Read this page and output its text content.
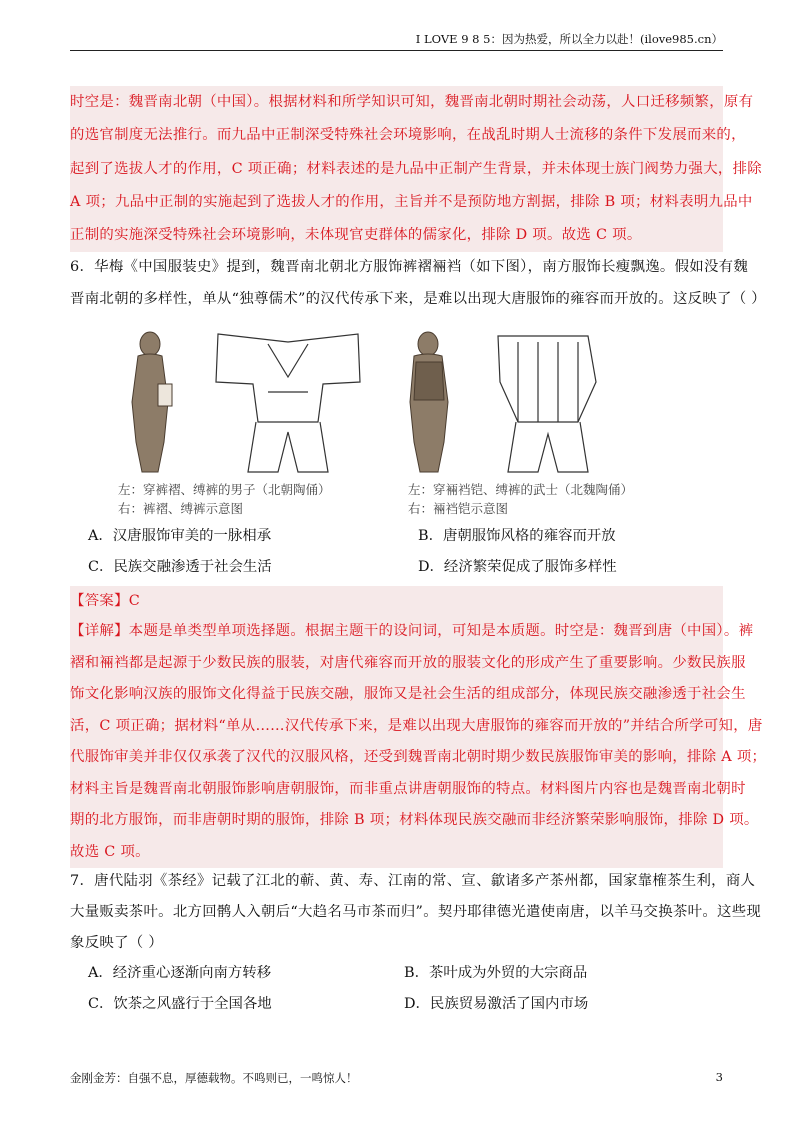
I LOVE 9 8 5：因为热爱，所以全力以赴！(ilove985.cn）

时空是：魏晋南北朝（中国）。根据材料和所学知识可知，魏晋南北朝时期社会动荡，人口迁移频繁，原有

的选官制度无法推行。而九品中正制深受特殊社会环境影响，在战乱时期人士流移的条件下发展而来的，

起到了选拔人才的作用，C 项正确；材料表述的是九品中正制产生背景，并未体现士族门阀势力强大，排除

A 项；九品中正制的实施起到了选拔人才的作用，主旨并不是预防地方割据，排除 B 项；材料表明九品中

正制的实施深受特殊社会环境影响，未体现官吏群体的儒家化，排除 D 项。故选 C 项。

6．华梅《中国服装史》提到，魏晋南北朝北方服饰裤褶裲裆（如下图），南方服饰长瘦飘逸。假如没有魏

晋南北朝的多样性，单从“独尊儒术”的汉代传承下来，是难以出现大唐服饰的雍容而开放的。这反映了（ ）

左：穿裤褶、缚裤的男子（北朝陶俑）
右：裤褶、缚裤示意图
左：穿裲裆铠、缚裤的武士（北魏陶俑）
右：裲裆铠示意图
A．汉唐服饰审美的一脉相承	B．唐朝服饰风格的雍容而开放
C．民族交融渗透于社会生活	D．经济繁荣促成了服饰多样性

【答案】C

【详解】本题是单类型单项选择题。根据主题干的设问词，可知是本质题。时空是：魏晋到唐（中国）。裤

褶和裲裆都是起源于少数民族的服装，对唐代雍容而开放的服装文化的形成产生了重要影响。少数民族服

饰文化影响汉族的服饰文化得益于民族交融，服饰又是社会生活的组成部分，体现民族交融渗透于社会生

活，C 项正确；据材料“单从……汉代传承下来，是难以出现大唐服饰的雍容而开放的”并结合所学可知，唐

代服饰审美并非仅仅承袭了汉代的汉服风格，还受到魏晋南北朝时期少数民族服饰审美的影响，排除 A 项；

材料主旨是魏晋南北朝服饰影响唐朝服饰，而非重点讲唐朝服饰的特点。材料图片内容也是魏晋南北朝时

期的北方服饰，而非唐朝时期的服饰，排除 B 项；材料体现民族交融而非经济繁荣影响服饰，排除 D 项。

故选 C 项。

7．唐代陆羽《茶经》记载了江北的蕲、黄、寿、江南的常、宣、歙诸多产茶州都，国家靠榷茶生利，商人

大量贩卖茶叶。北方回鹘人入朝后“大趋名马市茶而归”。契丹耶律德光遣使南唐，以羊马交换茶叶。这些现

象反映了（ ）

A．经济重心逐渐向南方转移	B．茶叶成为外贸的大宗商品
C．饮茶之风盛行于全国各地	D．民族贸易激活了国内市场
金刚金芳：自强不息，厚德载物。不鸣则已，一鸣惊人！	3
